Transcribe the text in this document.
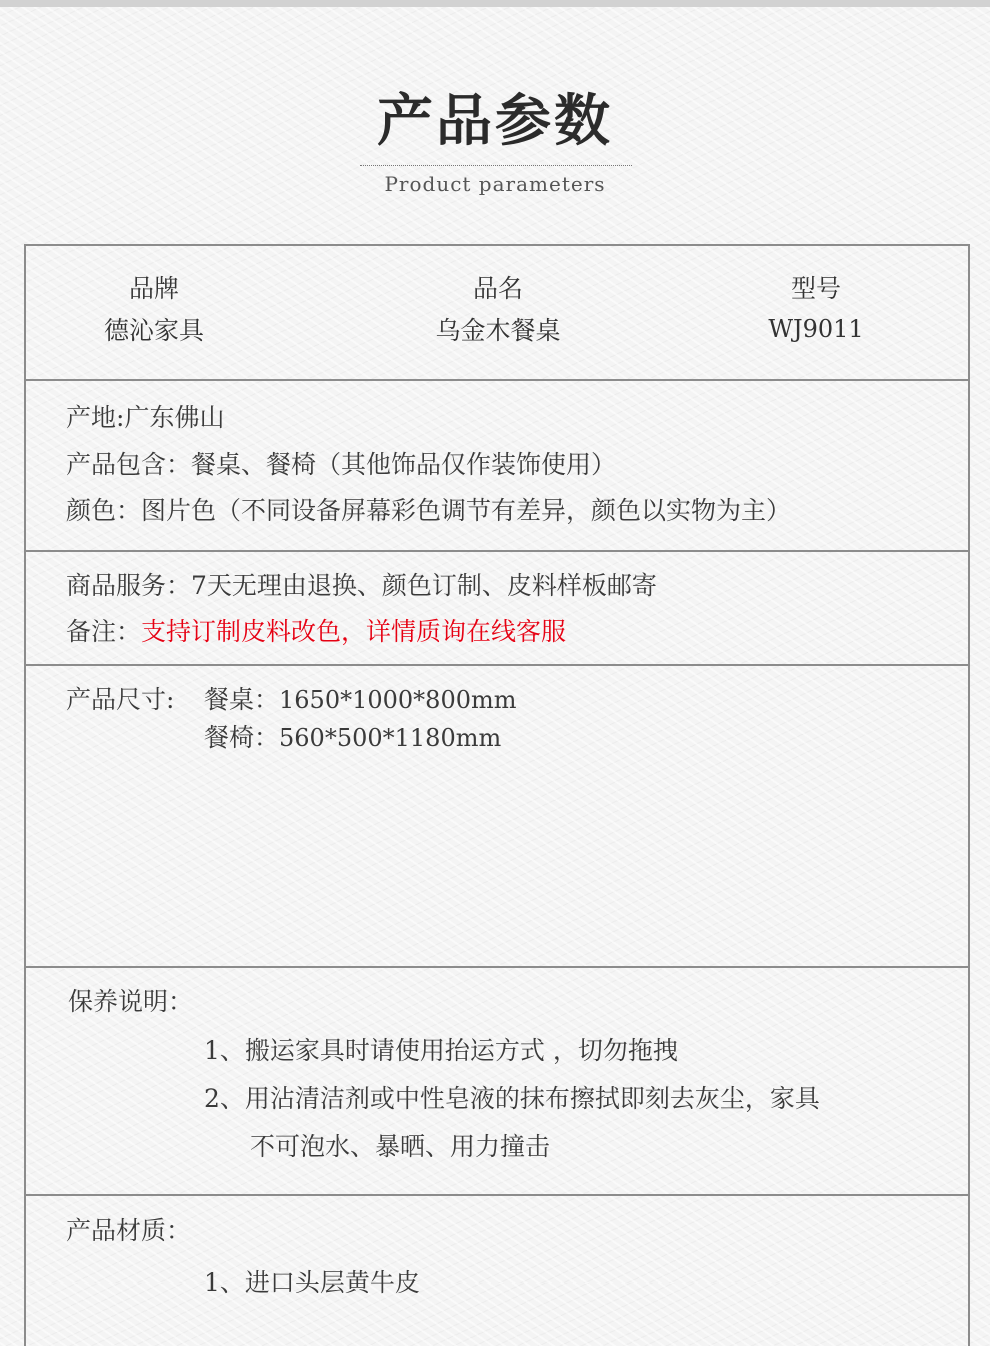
产品参数
Product parameters
品牌
德沁家具
品名
乌金木餐桌
型号
WJ9011
产地:广东佛山
产品包含：餐桌、餐椅（其他饰品仅作装饰使用）
颜色：图片色（不同设备屏幕彩色调节有差异，颜色以实物为主）
商品服务：7天无理由退换、颜色订制、皮料样板邮寄
备注：支持订制皮料改色，详情质询在线客服
产品尺寸: 餐桌：1650*1000*800mm
餐椅：560*500*1180mm
保养说明：
1、搬运家具时请使用抬运方式 ，切勿拖拽
2、用沾清洁剂或中性皂液的抹布擦拭即刻去灰尘，家具
不可泡水、暴晒、用力撞击
产品材质：
1、进口头层黄牛皮
